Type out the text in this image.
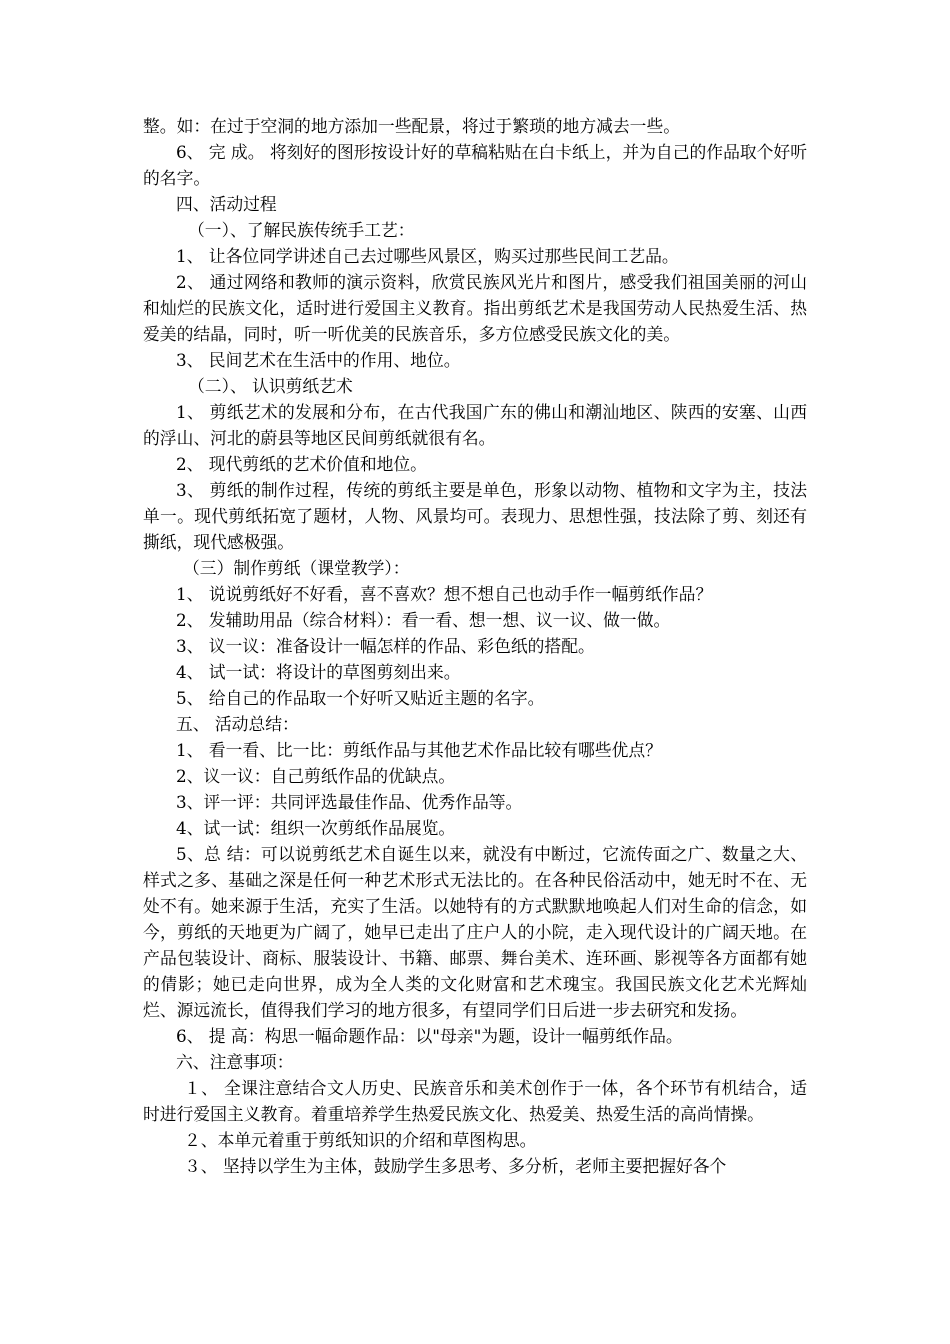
整。如：在过于空洞的地方添加一些配景，将过于繁琐的地方减去一些。

6、 完 成。 将刻好的图形按设计好的草稿粘贴在白卡纸上，并为自己的作品取个好听的名字。

四、活动过程

（一）、了解民族传统手工艺：

1、 让各位同学讲述自己去过哪些风景区，购买过那些民间工艺品。

2、 通过网络和教师的演示资料，欣赏民族风光片和图片，感受我们祖国美丽的河山和灿烂的民族文化，适时进行爱国主义教育。指出剪纸艺术是我国劳动人民热爱生活、热爱美的结晶，同时，听一听优美的民族音乐，多方位感受民族文化的美。

3、 民间艺术在生活中的作用、地位。

（二）、 认识剪纸艺术

1、 剪纸艺术的发展和分布，在古代我国广东的佛山和潮汕地区、陕西的安塞、山西的浮山、河北的蔚县等地区民间剪纸就很有名。

2、 现代剪纸的艺术价值和地位。

3、 剪纸的制作过程，传统的剪纸主要是单色，形象以动物、植物和文字为主，技法单一。现代剪纸拓宽了题材，人物、风景均可。表现力、思想性强，技法除了剪、刻还有撕纸，现代感极强。

（三）制作剪纸（课堂教学）：

1、 说说剪纸好不好看，喜不喜欢？想不想自己也动手作一幅剪纸作品？

2、 发辅助用品（综合材料）：看一看、想一想、议一议、做一做。

3、 议一议：准备设计一幅怎样的作品、彩色纸的搭配。

4、 试一试：将设计的草图剪刻出来。

5、 给自己的作品取一个好听又贴近主题的名字。

五、 活动总结：

1、 看一看、比一比：剪纸作品与其他艺术作品比较有哪些优点？

2、议一议：自己剪纸作品的优缺点。

3、评一评：共同评选最佳作品、优秀作品等。

4、试一试：组织一次剪纸作品展览。

5、总 结：可以说剪纸艺术自诞生以来，就没有中断过，它流传面之广、数量之大、样式之多、基础之深是任何一种艺术形式无法比的。在各种民俗活动中，她无时不在、无处不有。她来源于生活，充实了生活。以她特有的方式默默地唤起人们对生命的信念，如今，剪纸的天地更为广阔了，她早已走出了庄户人的小院，走入现代设计的广阔天地。在产品包装设计、商标、服装设计、书籍、邮票、舞台美术、连环画、影视等各方面都有她的倩影；她已走向世界，成为全人类的文化财富和艺术瑰宝。我国民族文化艺术光辉灿烂、源远流长，值得我们学习的地方很多，有望同学们日后进一步去研究和发扬。

6、 提 高：构思一幅命题作品：以"母亲"为题，设计一幅剪纸作品。

六、注意事项：

１、 全课注意结合文人历史、民族音乐和美术创作于一体，各个环节有机结合，适时进行爱国主义教育。着重培养学生热爱民族文化、热爱美、热爱生活的高尚情操。

２、本单元着重于剪纸知识的介绍和草图构思。

３、 坚持以学生为主体，鼓励学生多思考、多分析，老师主要把握好各个
